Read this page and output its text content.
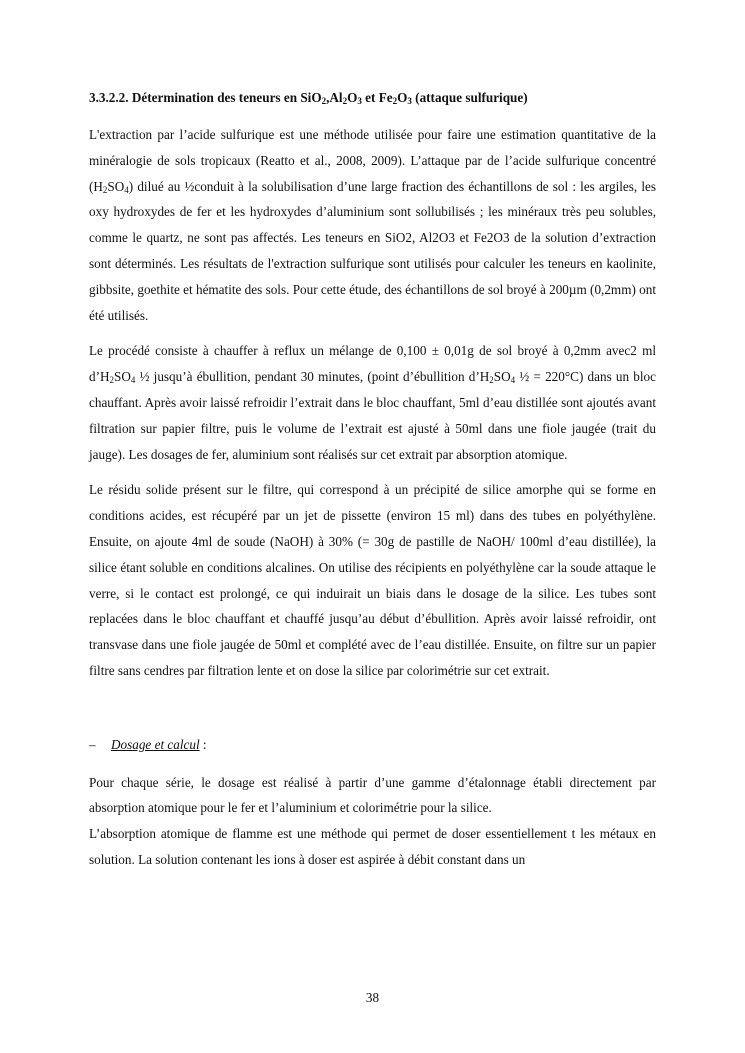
3.3.2.2. Détermination des teneurs en $SiO_2,Al_2O_3$ et $Fe_2O_3$ (attaque sulfurique)

L'extraction par l’acide sulfurique est une méthode utilisée pour faire une estimation quantitative de la minéralogie de sols tropicaux (Reatto et al., 2008, 2009). L’attaque par de l’acide sulfurique concentré $(H_2SO_4)$ dilué au ½conduit à la solubilisation d’une large fraction des échantillons de sol : les argiles, les oxy hydroxydes de fer et les hydroxydes d’aluminium sont sollubilisés ; les minéraux très peu solubles, comme le quartz, ne sont pas affectés. Les teneurs en SiO2, Al2O3 et Fe2O3 de la solution d’extraction sont déterminés. Les résultats de l'extraction sulfurique sont utilisés pour calculer les teneurs en kaolinite, gibbsite, goethite et hématite des sols. Pour cette étude, des échantillons de sol broyé à 200µm (0,2mm) ont été utilisés.

Le procédé consiste à chauffer à reflux un mélange de 0,100 ± 0,01g de sol broyé à 0,2mm avec2 ml $d’H_2SO_4$ ½ jusqu’à ébullition, pendant 30 minutes, (point d’ébullition $d’H_2SO_4$ ½ = 220°C) dans un bloc chauffant. Après avoir laissé refroidir l’extrait dans le bloc chauffant, 5ml d’eau distillée sont ajoutés avant filtration sur papier filtre, puis le volume de l’extrait est ajusté à 50ml dans une fiole jaugée (trait du jauge). Les dosages de fer, aluminium sont réalisés sur cet extrait par absorption atomique.

Le résidu solide présent sur le filtre, qui correspond à un précipité de silice amorphe qui se forme en conditions acides, est récupéré par un jet de pissette (environ 15 ml) dans des tubes en polyéthylène. Ensuite, on ajoute 4ml de soude (NaOH) à 30% (= 30g de pastille de NaOH/ 100ml d’eau distillée), la silice étant soluble en conditions alcalines. On utilise des récipients en polyéthylène car la soude attaque le verre, si le contact est prolongé, ce qui induirait un biais dans le dosage de la silice. Les tubes sont replacées dans le bloc chauffant et chauffé jusqu’au début d’ébullition. Après avoir laissé refroidir, ont transvase dans une fiole jaugée de 50ml et complété avec de l’eau distillée. Ensuite, on filtre sur un papier filtre sans cendres par filtration lente et on dose la silice par colorimétrie sur cet extrait.

– Dosage et calcul :

Pour chaque série, le dosage est réalisé à partir d’une gamme d’étalonnage établi directement par absorption atomique pour le fer et l’aluminium et colorimétrie pour la silice.

L’absorption atomique de flamme est une méthode qui permet de doser essentiellement t les métaux en solution. La solution contenant les ions à doser est aspirée à débit constant dans un

38
